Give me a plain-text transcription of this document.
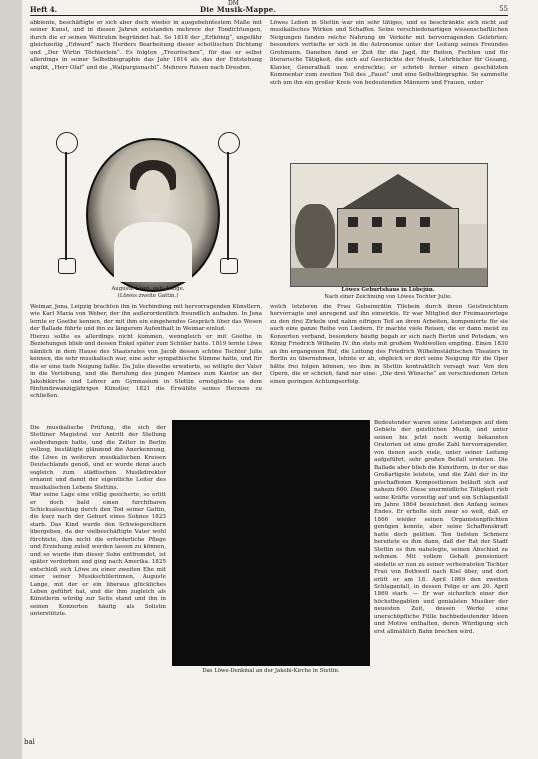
Heft 4.	Die Musik-Mappe.	55
DM

abbiente, beschäftigte er sich aber doch wieder in ausgebehntestem Maße mit seiner Kunst, und in diesen Jahren entstanden mehrere der Tondichtungen, durch die er seinen Weltruhm begründet hat. So 1818 der „Erlkönig“, ungefähr gleichzeitig „Edward“ nach Herders Bearbeitung dieser schottischen Dichtung und „Der Wirtin Töchterlein“. Es folgten „Treuröschen“, für das er selbst allerdings in seiner Selbstbiographie das Jahr 1814 als das der Entstehung angibt, „Herr Olaf“ und die „Walpurgisnacht“. Mehrere Reisen nach Dresden,

Auguste Löwe, geb. Lange.
(Löwes zweite Gattin.)

Löwes Leben in Stettin war ein sehr tätiges, und es beschränkte sich nicht auf musikalisches Wirken und Schaffen. Seine verschiedenartigen wissenschaftlichen Neigungen fanden reiche Nahrung im Verkehr mit hervorragenden Gelehrten; besonders vertiefte er sich in die Astronomie unter der Leitung seines Freundes Grohmann. Daneben fand er Zeit für die Jagd, für Reiten, Fechten und für literarische Tätigkeit, die sich auf Geschichte der Musik, Lehrbücher für Gesang, Klavier, Generalbaß usw. erstreckte; er schrieb ferner einen geschätzten Kommentar zum zweiten Teil des „Faust“ und eine Selbstbiographie. So sammelte sich um ihn ein großer Kreis von bedeutenden Männern und Frauen, unter

Löwes Geburtshaus in Löbejün.
Nach einer Zeichnung von Löwes Tochter Julie.

Weimar, Jena, Leipzig brachten ihn in Verbindung mit hervorragenden Künstlern, wie Karl Maria von Weber, der ihn außerordentlich freundlich aufnahm. In Jena lernte er Goethe kennen, der mit ihm ein eingehendes Gespräch über das Wesen der Ballade führte und ihn zu längerem Aufenthalt in Weimar einlud.

Hierzu sollte es allerdings nicht kommen, wenngleich er mit Goethe in Beziehungen blieb und dessen Enkel später zum Schüler hatte. 1819 lernte Löwe nämlich in dem Hause des Staatsrates von Jacob dessen schöne Tochter Julie kennen, die sehr musikalisch war, eine sehr sympathische Stimme hatte, und für die er eine tiefe Neigung faßte. Da Julie dieselbe erwiderte, so willigte der Vater in die Verlobung, und die Berufung des jungen Mannes zum Kantor an der Jakobikirche und Lehrer am Gymnasium in Stettin ermöglichte es dem fünfundzwanzigjährigen Künstler, 1821 die Erwählte seines Herzens zu schließen.

welch letzteren die Frau Geheimrätin Tilebein durch ihren Geistreichtum hervorragte und anregend auf ihn einwirkte. Er war Mitglied der Freimaurerloge zu den drei Zirkeln und nahm eifrigen Teil an ihren Arbeiten, komponierte für sie auch eine ganze Reihe von Liedern. Er machte viele Reisen, die er dann meist zu Konzerten verband, besonders häufig begab er sich nach Berlin und Potsdam, wo König Friedrich Wilhelm IV. ihn stets mit großem Wohlwollen empfing. Einen 1830 an ihn ergangenen Ruf, die Leitung des Friedrich Wilhelmstädtischen Theaters in Berlin zu übernehmen, lehnte er ab, obgleich er dort seine Neigung für die Oper hätte frei folgen können, wo ihm in Stettin kontraktlich versagt war. Von den Opern, die er schrieb, fand nur eine: „Die drei Wünsche“ an verschiedenen Orten einen geringen Achtungserfolg.

Die musikalische Prüfung, die sich der Stettiner Magistrat vor Antritt der Stellung ausbedungen hatte, und die Zelter in Berlin vollzog, bestätigte glänzend die Anerkennung, die Löwe in weiteren musikalischen Kreisen Deutschlands genoß, und er wurde denn auch sogleich zum städtischen Musikdirektor ernannt und damit der eigentliche Leiter des musikalischen Lebens Stettins.

War seine Lage eine völlig gesicherte, so erlitt er doch bald einen furchtbaren Schicksalsschlag durch den Tod seiner Gattin, die kurz nach der Geburt eines Sohnes 1823 starb. Das Kind wurde den Schwiegereltern übergeben, da der vielbeschäftigte Vater wohl fürchtete, ihm nicht die erforderliche Pflege und Erziehung zuteil werden lassen zu können, und so wurde ihm dieser Sohn entfremdet, ist später verdorben und ging nach Amerika. 1825 entschloß sich Löwe zu einer zweiten Ehe mit einer seiner Musikschülerinnen, Auguste Lange, mit der er ein überaus glückliches Leben geführt hat, und die ihm zugleich als Künstlerin würdig zur Seite stand und ihn in seinen Konzerten häufig als Solistin unterstützte.

Das Löwe-Denkmal an der Jakobi-Kirche in Stettin.

Bedeutender waren seine Leistungen auf dem Gebiete der geistlichen Musik, und unter seinen bis jetzt noch wenig bekannten Oratorien ist eine große Zahl hervorragender, von denen auch viele, unter seiner Leitung aufgeführt, sehr großen Beifall ernteten. Die Ballade aber blieb die Kunstform, in der er das Großartigste leistete, und die Zahl der in ihr geschaffenen Kompositionen beläuft sich auf nahezu 600. Diese unermüdliche Tätigkeit rieb seine Kräfte vorzeitig auf und ein Schlaganfall im Jahre 1864 bezeichnet den Anfang seines Endes. Er erholte sich zwar so weit, daß er 1866 wieder seinen Organistenpflichten genügen konnte, aber seine Schaffenskraft hatte doch gelitten. Ten tiefsten Schmerz bereitete es ihm dann, daß der Rat der Stadt Stettin es ihm nahelegte, seinen Abschied zu nehmen. Mit vollem Gehalt pensioniert siedelte er nun zu seiner verheirateten Tochter Frau von Bothwell nach Kiel über, und dort erlitt er am 18. April 1869 den zweiten Schlaganfall, in dessen Folge er am 20. April 1869 starb. — Er war sicherlich einer der höchstbegabten und genialsten Musiker der neuesten Zeit, dessen Werke eine unerschöpfliche Fülle hochbedeutender Ideen und Motive enthalten, deren Würdigung sich erst allmählich Bahn brechen wird.

bal
